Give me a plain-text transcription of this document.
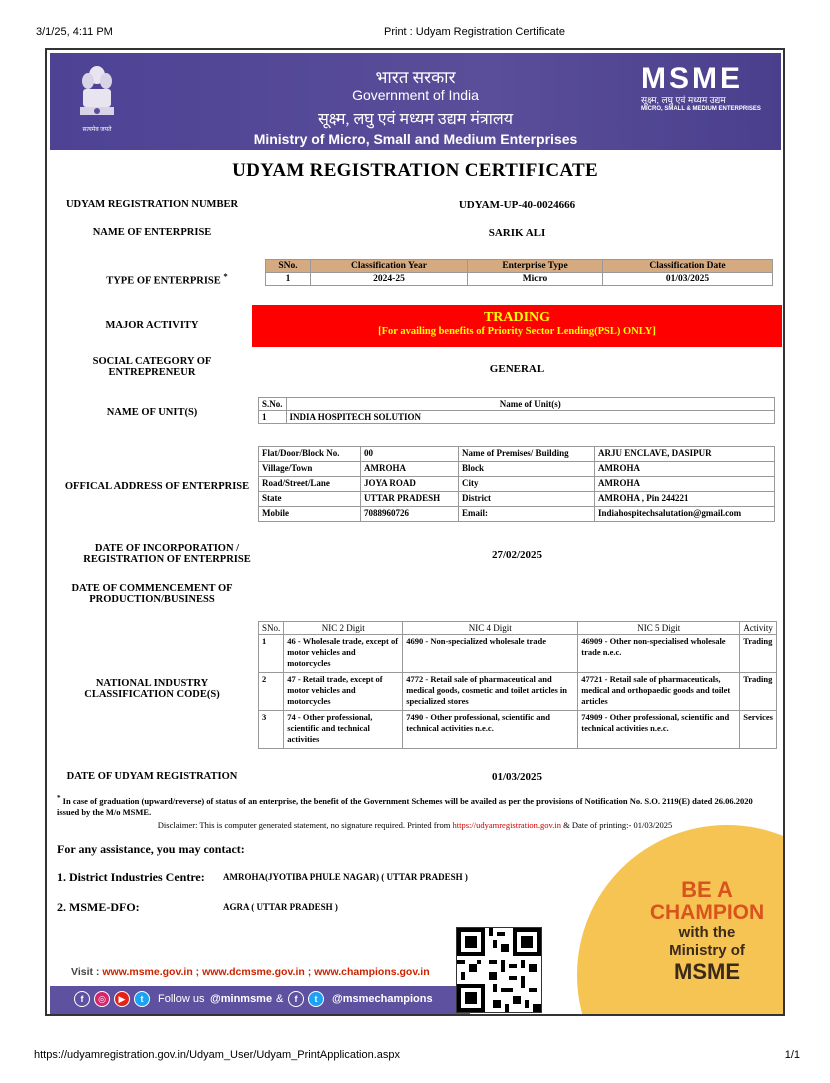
3/1/25, 4:11 PM	Print : Udyam Registration Certificate
सत्यमेव जयते
भारत सरकार
Government of India
सूक्ष्म, लघु एवं मध्यम उद्यम मंत्रालय
Ministry of Micro, Small and Medium Enterprises
MSME
सूक्ष्म, लघु एवं मध्यम उद्यम
MICRO, SMALL & MEDIUM ENTERPRISES
UDYAM REGISTRATION CERTIFICATE
UDYAM REGISTRATION NUMBER	UDYAM-UP-40-0024666
NAME OF ENTERPRISE	SARIK ALI
TYPE OF ENTERPRISE *
SNo.	Classification Year	Enterprise Type	Classification Date
1	2024-25	Micro	01/03/2025
MAJOR ACTIVITY
TRADING
[For availing benefits of Priority Sector Lending(PSL) ONLY]
SOCIAL CATEGORY OF ENTREPRENEUR	GENERAL
NAME OF UNIT(S)
S.No.	Name of Unit(s)
1	INDIA HOSPITECH SOLUTION
OFFICAL ADDRESS OF ENTERPRISE
Flat/Door/Block No.	00	Name of Premises/ Building	ARJU ENCLAVE, DASIPUR
Village/Town	AMROHA	Block	AMROHA
Road/Street/Lane	JOYA ROAD	City	AMROHA
State	UTTAR PRADESH	District	AMROHA , Pin 244221
Mobile	7088960726	Email:	Indiahospitechsalutation@gmail.com
DATE OF INCORPORATION / REGISTRATION OF ENTERPRISE	27/02/2025
DATE OF COMMENCEMENT OF PRODUCTION/BUSINESS
NATIONAL INDUSTRY CLASSIFICATION CODE(S)
SNo.	NIC 2 Digit	NIC 4 Digit	NIC 5 Digit	Activity
1	46 - Wholesale trade, except of motor vehicles and motorcycles	4690 - Non-specialized wholesale trade	46909 - Other non-specialised wholesale trade n.e.c.	Trading
2	47 - Retail trade, except of motor vehicles and motorcycles	4772 - Retail sale of pharmaceutical and medical goods, cosmetic and toilet articles in specialized stores	47721 - Retail sale of pharmaceuticals, medical and orthopaedic goods and toilet articles	Trading
3	74 - Other professional, scientific and technical activities	7490 - Other professional, scientific and technical activities n.e.c.	74909 - Other professional, scientific and technical activities n.e.c.	Services
DATE OF UDYAM REGISTRATION	01/03/2025
* In case of graduation (upward/reverse) of status of an enterprise, the benefit of the Government Schemes will be availed as per the provisions of Notification No. S.O. 2119(E) dated 26.06.2020 issued by the M/o MSME.
Disclaimer: This is computer generated statement, no signature required. Printed from https://udyamregistration.gov.in & Date of printing:- 01/03/2025
BE A
CHAMPION
with the
Ministry of
MSME
For any assistance, you may contact:
1. District Industries Centre: AMROHA(JYOTIBA PHULE NAGAR) ( UTTAR PRADESH )
2. MSME-DFO:	AGRA ( UTTAR PRADESH )
Visit : www.msme.gov.in ; www.dcmsme.gov.in ; www.champions.gov.in
f	◎	▶	t	Follow us @minmsme &	f	t	@msmechampions
https://udyamregistration.gov.in/Udyam_User/Udyam_PrintApplication.aspx	1/1
